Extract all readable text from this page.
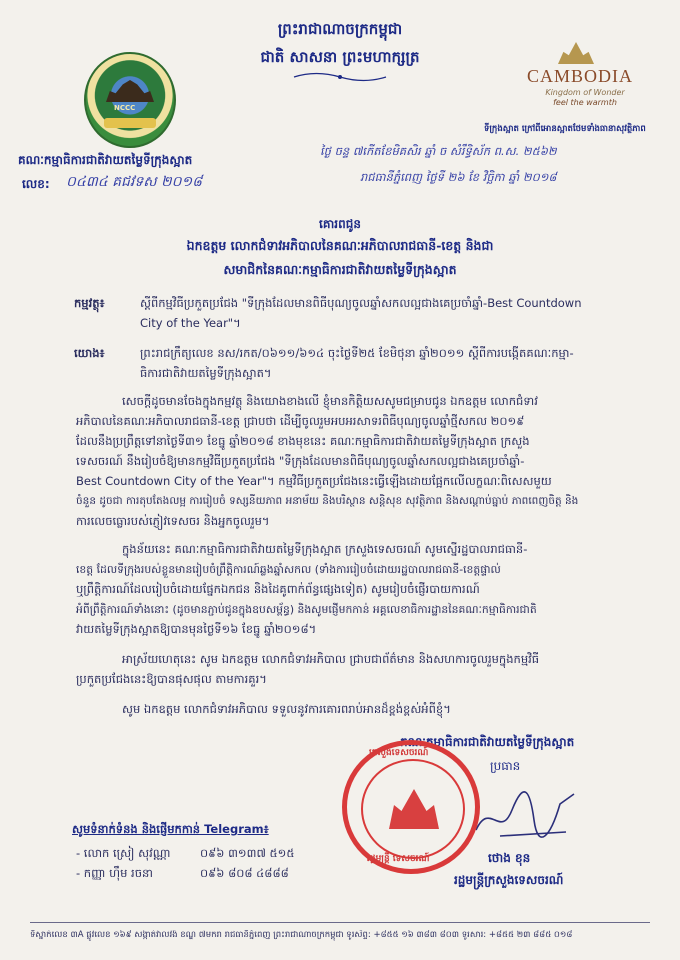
ព្រះរាជាណាចក្រកម្ពុជា
ជាតិ សាសនា ព្រះមហាក្សត្រ
NCCC
គណៈកម្មាធិការជាតិវាយតម្លៃទីក្រុងស្អាត
លេខ: ០៤៣៤ គជវទស ២០១៨
CAMBODIA
Kingdom of Wonder
feel the warmth
ទីក្រុងស្អាត ក្រៅពីអោនស្អាតថែមទាំងធានាសុវត្ថិភាព
ថ្ងៃ ចន្ទ ៧កើតខែមិគសិរ ឆ្នាំ ច សំរឹទ្ធិស័ក ព.ស. ២៥៦២
រាជធានីភ្នំពេញ ថ្ងៃទី ២៦ ខែ វិច្ឆិកា ឆ្នាំ ២០១៨
គោរពជូន
ឯកឧត្តម លោកជំទាវអភិបាលនៃគណៈអភិបាលរាជធានី-ខេត្ត និងជា
សមាជិកនៃគណៈកម្មាធិការជាតិវាយតម្លៃទីក្រុងស្អាត
កម្មវត្ថុ៖	ស្តីពីកម្មវិធីប្រកួតប្រជែង "ទីក្រុងដែលមានពិធីបុណ្យចូលឆ្នាំសកលល្អជាងគេប្រចាំឆ្នាំ-Best Countdown
City of the Year"។
យោង៖	ព្រះរាជក្រឹត្យលេខ នស/រកត/០៦១១/៦១៤ ចុះថ្ងៃទី២៥ ខែមិថុនា ឆ្នាំ២០១១ ស្តីពីការបង្កើតគណៈកម្មា-
ធិការជាតិវាយតម្លៃទីក្រុងស្អាត។
សេចក្តីដូចមានចែងក្នុងកម្មវត្ថុ និងយោងខាងលើ ខ្ញុំមានកិត្តិយសសូមជម្រាបជូន ឯកឧត្តម លោកជំទាវ
អភិបាលនៃគណៈអភិបាលរាជធានី-ខេត្ត ជ្រាបថា ដើម្បីចូលរួមអបអរសាទរពិធីបុណ្យចូលឆ្នាំថ្មីសកល ២០១៩
ដែលនឹងប្រព្រឹត្តទៅនាថ្ងៃទី៣១ ខែធ្នូ ឆ្នាំ២០១៨ ខាងមុខនេះ គណៈកម្មាធិការជាតិវាយតម្លៃទីក្រុងស្អាត ក្រសួង
ទេសចរណ៍ នឹងរៀបចំឱ្យមានកម្មវិធីប្រកួតប្រជែង "ទីក្រុងដែលមានពិធីបុណ្យចូលឆ្នាំសកលល្អជាងគេប្រចាំឆ្នាំ-
Best Countdown City of the Year"។ កម្មវិធីប្រកួតប្រជែងនេះធ្វើឡើងដោយផ្អែកលើលក្ខណៈពិសេសមួយ
ចំនួន ដូចជា ការតុបតែងលម្អ ការរៀបចំ ទស្សនីយភាព អនាម័យ និងបរិស្ថាន សន្តិសុខ សុវត្ថិភាព និងសណ្តាប់ធ្នាប់ ភាពពេញចិត្ត និង
ការលេចធ្លោរបស់ភ្ញៀវទេសចរ និងអ្នកចូលរួម។
ក្នុងន័យនេះ គណៈកម្មាធិការជាតិវាយតម្លៃទីក្រុងស្អាត ក្រសួងទេសចរណ៍ សូមស្នើរដ្ឋបាលរាជធានី-
ខេត្ត ដែលទីក្រុងរបស់ខ្លួនមានរៀបចំព្រឹត្តិការណ៍ឆ្លងឆ្នាំសកល (ទាំងការរៀបចំដោយរដ្ឋបាលរាជធានី-ខេត្តផ្ទាល់
ឬព្រឹត្តិការណ៍ដែលរៀបចំដោយផ្នែកឯកជន និងដៃគូពាក់ព័ន្ធផ្សេងទៀត) សូមរៀបចំផ្ញើរបាយការណ៍
អំពីព្រឹត្តិការណ៍ទាំងនោះ (ដូចមានភ្ជាប់ជូនក្នុងឧបសម្ព័ន្ធ) និងសូមផ្ញើមកកាន់ អគ្គលេខាធិការដ្ឋាននៃគណៈកម្មាធិការជាតិ
វាយតម្លៃទីក្រុងស្អាតឱ្យបានមុនថ្ងៃទី១៦ ខែធ្នូ ឆ្នាំ២០១៨។
អាស្រ័យហេតុនេះ សូម ឯកឧត្តម លោកជំទាវអភិបាល ជ្រាបជាព័ត៌មាន និងសហការចូលរួមក្នុងកម្មវិធី
ប្រកួតប្រជែងនេះឱ្យបានផុសផុល តាមការគួរ។
សូម ឯកឧត្តម លោកជំទាវអភិបាល ទទួលនូវការគោរពរាប់អានដ៏ខ្ពង់ខ្ពស់អំពីខ្ញុំ។
គណៈកម្មាធិការជាតិវាយតម្លៃទីក្រុងស្អាត
ប្រធាន
ថោង ខុន
រដ្ឋមន្ត្រីក្រសួងទេសចរណ៍
ក្រសួងទេសចរណ៍
រដ្ឋមន្ត្រី ទេសចរណ៍
សូមទំនាក់ទំនង និងផ្ញើមកកាន់ Telegram៖
- លោក ស្រៀ សុវណ្ណា	០៩៦ ៣១៣៧ ៥១៥
- កញ្ញា ហ៊ឹម រចនា	០៩៦ ៨០៨ ៤៨៨៨
ទីស្នាក់លេខ ៣A ផ្លូវលេខ ១៦៩ សង្កាត់វាលវង់ ខណ្ឌ ៧មករា រាជធានីភ្នំពេញ ព្រះរាជាណាចក្រកម្ពុជា ទូរស័ព្ទ: +៨៥៥ ១៦ ៣៨៣ ៨០៣ ទូរសារ: +៨៥៥ ២៣ ៨៨៥ ០១៨
